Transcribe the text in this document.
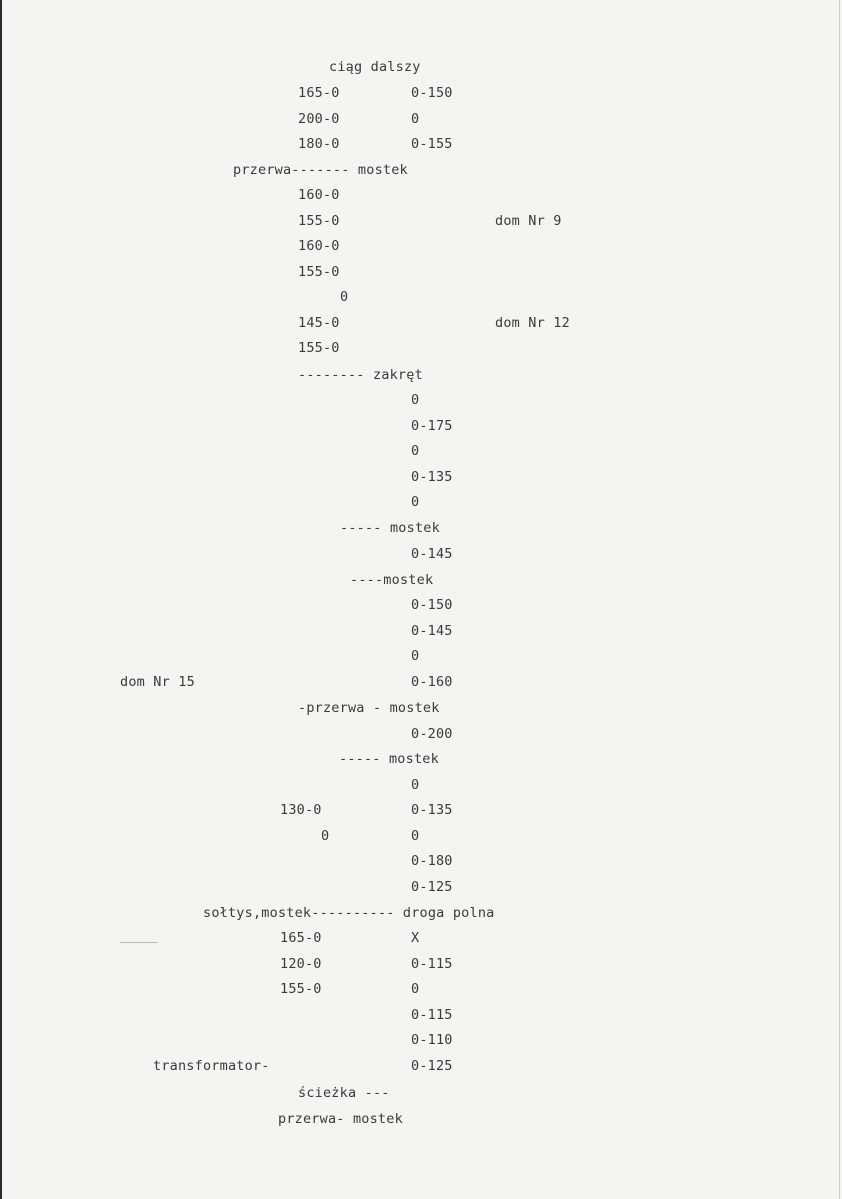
ciąg dalszy

165-0	0-150

200-0	0

180-0	0-155

przerwa------- mostek

160-0

155-0	dom Nr 9

160-0

155-0

0

145-0	dom Nr 12

155-0

-------- zakręt

0

0-175

0

0-135

0

----- mostek

0-145

----mostek

0-150

0-145

0

dom Nr 15	0-160

-przerwa - mostek

0-200

----- mostek

0

130-0	0-135

0	0

0-180

0-125

sołtys,mostek---------- droga polna

165-0	X

120-0	0-115

155-0	0

0-115

0-110

transformator-	0-125

ścieżka ---

przerwa- mostek
